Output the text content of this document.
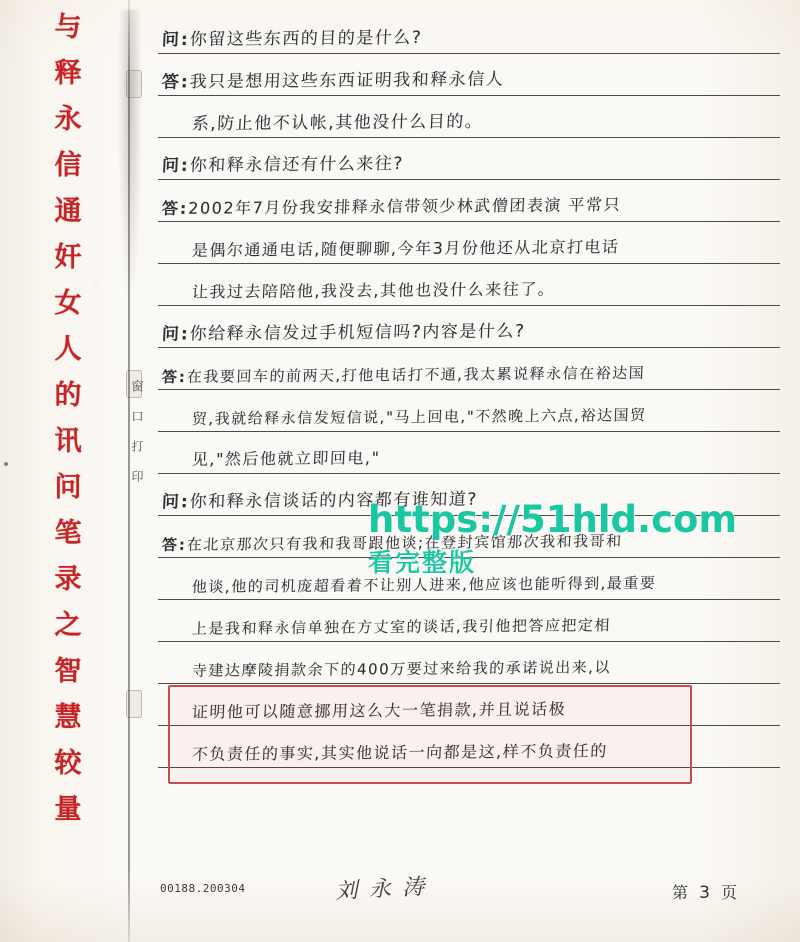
与
释
永
信
通
奸
女
人
的
讯
问
笔
录
之
智
慧
较
量
窗
口
打
印
问:你留这些东西的目的是什么?
答:我只是想用这些东西证明我和释永信人
系,防止他不认帐,其他没什么目的。
问:你和释永信还有什么来往?
答:2002年7月份我安排释永信带领少林武僧团表演 平常只
是偶尔通通电话,随便聊聊,今年3月份他还从北京打电话
让我过去陪陪他,我没去,其他也没什么来往了。
问:你给释永信发过手机短信吗?内容是什么?
答:在我要回车的前两天,打他电话打不通,我太累说释永信在裕达国
贸,我就给释永信发短信说,"马上回电,"不然晚上六点,裕达国贸
见,"然后他就立即回电,"
问:你和释永信谈话的内容都有谁知道?
答:在北京那次只有我和我哥跟他谈;在登封宾馆那次我和我哥和
他谈,他的司机庞超看着不让别人进来,他应该也能听得到,最重要
上是我和释永信单独在方丈室的谈话,我引他把答应把定相
寺建达摩陵捐款余下的400万要过来给我的承诺说出来,以
证明他可以随意挪用这么大一笔捐款,并且说话极
不负责任的事实,其实他说话一向都是这,样不负责任的
https://51hld.com
看完整版
00188.200304	刘 永 涛	第 3 页
